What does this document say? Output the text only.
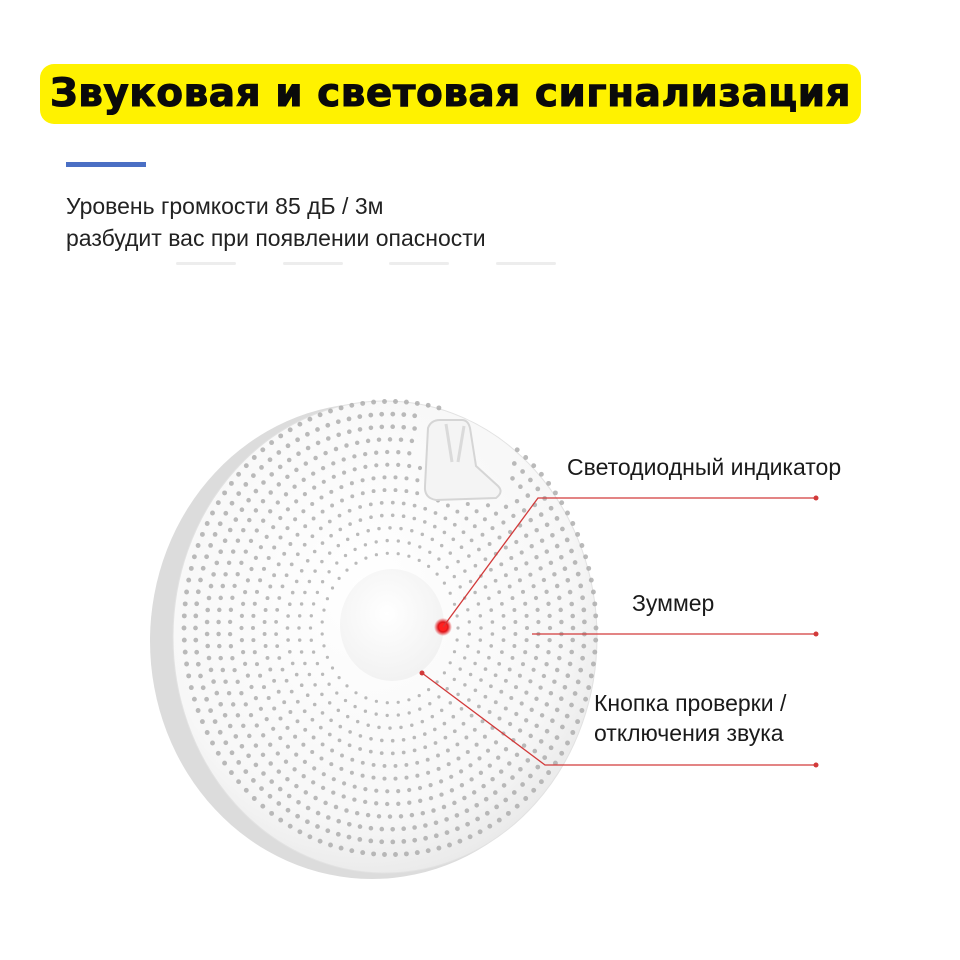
Звуковая и световая сигнализация
Уровень громкости 85 дБ / 3м
разбудит вас при появлении опасности
Светодиодный индикатор
Зуммер
Кнопка проверки /
отключения звука
